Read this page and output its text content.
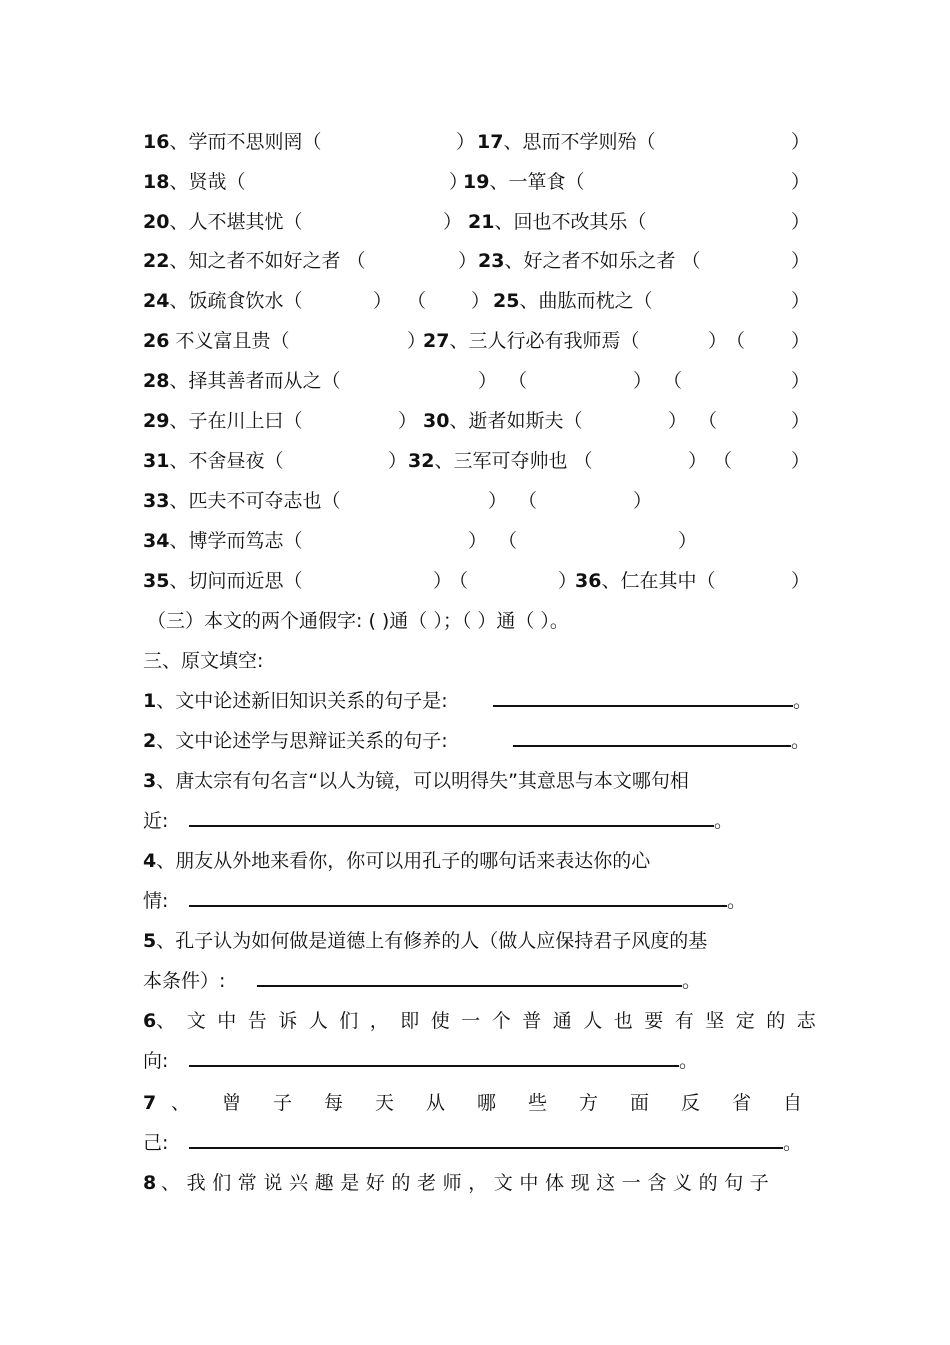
16、学而不思则罔（	） 17、思而不学则殆（	）
18、贤哉（	）
19、一箪食（	）
20、人不堪其忧（	） 21、回也不改其乐（	）
22、知之者不如好之者 （	） 23、好之者不如乐之者 （	）
24、饭疏食饮水（	） （ ） 25、曲肱而枕之（	）
26 不义富且贵（	）
27、三人行必有我师焉（	）
（ ）
28、择其善者而从之（	） （	） （	）
29、子在川上曰（	） 30、逝者如斯夫（	） （	）
31、不舍昼夜（	） 32、三军可夺帅也 （	） （	）
33、匹夫不可夺志也（	） （	）
34、博学而笃志（	） （	）
35、切问而近思（	）
（	）
36、仁在其中（	）
（三）本文的两个通假字: ( )通（ ）；（ ）通（ ）。
三、原文填空:
1、文中论述新旧知识关系的句子是:	。
2、文中论述学与思辩证关系的句子:	。
3、唐太宗有句名言“以人为镜，可以明得失”其意思与本文哪句相
近:	。
4、朋友从外地来看你，你可以用孔子的哪句话来表达你的心
情:	。
5、孔子认为如何做是道德上有修养的人（做人应保持君子风度的基
本条件）:	。
6 、文中告诉人们，即使一个普通人也要有坚定的志
向:	。
7 、曾子每天从哪些方面反省自
己:	。
8 、我们常说兴趣是好的老师，文中体现这一含义的句子
